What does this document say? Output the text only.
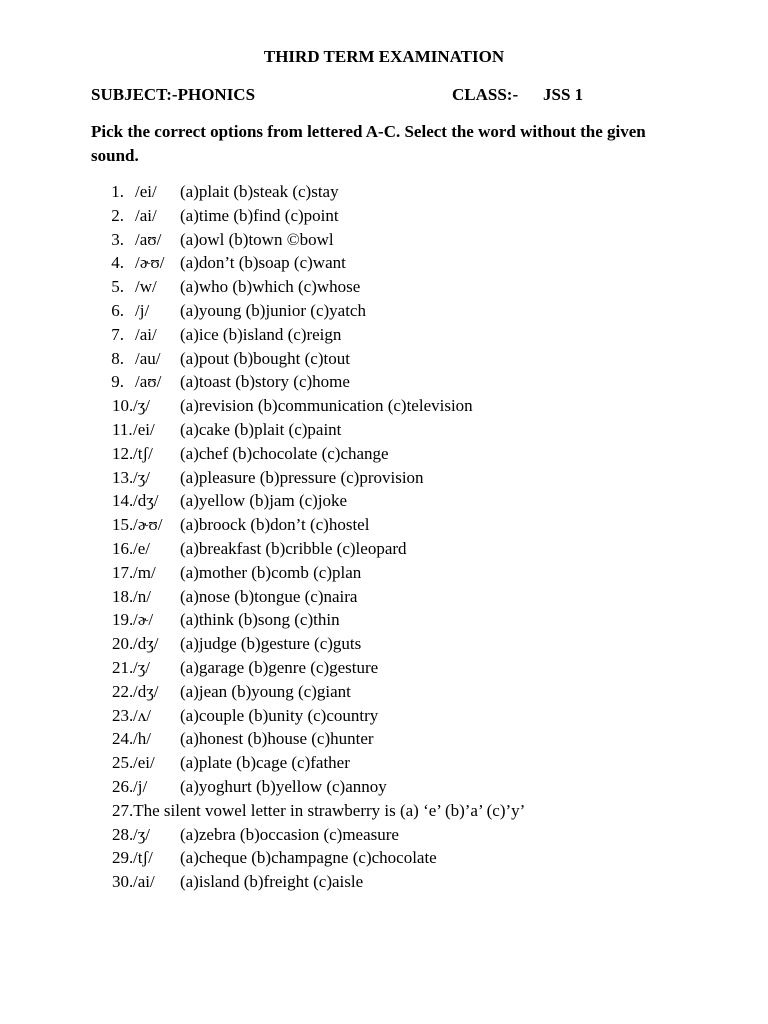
THIRD TERM EXAMINATION
SUBJECT:-PHONICS	CLASS:- JSS 1
Pick the correct options from lettered A-C. Select the word without the given sound.
1. /ei/ (a)plait (b)steak (c)stay
2. /ai/ (a)time (b)find (c)point
3. /aʊ/ (a)owl (b)town ©bowl
4. /ɚʊ/ (a)don’t (b)soap (c)want
5. /w/ (a)who (b)which (c)whose
6. /j/ (a)young (b)junior (c)yatch
7. /ai/ (a)ice (b)island (c)reign
8. /au/ (a)pout (b)bought (c)tout
9. /aʊ/ (a)toast (b)story (c)home
10. /ʒ/ (a)revision (b)communication (c)television
11. /ei/ (a)cake (b)plait (c)paint
12. /tʃ/ (a)chef (b)chocolate (c)change
13. /ʒ/ (a)pleasure (b)pressure (c)provision
14. /dʒ/ (a)yellow (b)jam (c)joke
15. /ɚʊ/ (a)broock (b)don’t (c)hostel
16. /e/ (a)breakfast (b)cribble (c)leopard
17. /m/ (a)mother (b)comb (c)plan
18. /n/ (a)nose (b)tongue (c)naira
19. /ɚ/ (a)think (b)song (c)thin
20. /dʒ/ (a)judge (b)gesture (c)guts
21. /ʒ/ (a)garage (b)genre (c)gesture
22. /dʒ/ (a)jean (b)young (c)giant
23. /ʌ/ (a)couple (b)unity (c)country
24. /h/ (a)honest (b)house (c)hunter
25. /ei/ (a)plate (b)cage (c)father
26. /j/ (a)yoghurt (b)yellow (c)annoy
27.The silent vowel letter in strawberry is (a) ‘e’ (b)’a’ (c)’y’
28. /ʒ/ (a)zebra (b)occasion (c)measure
29. /tʃ/ (a)cheque (b)champagne (c)chocolate
30. /ai/ (a)island (b)freight (c)aisle
